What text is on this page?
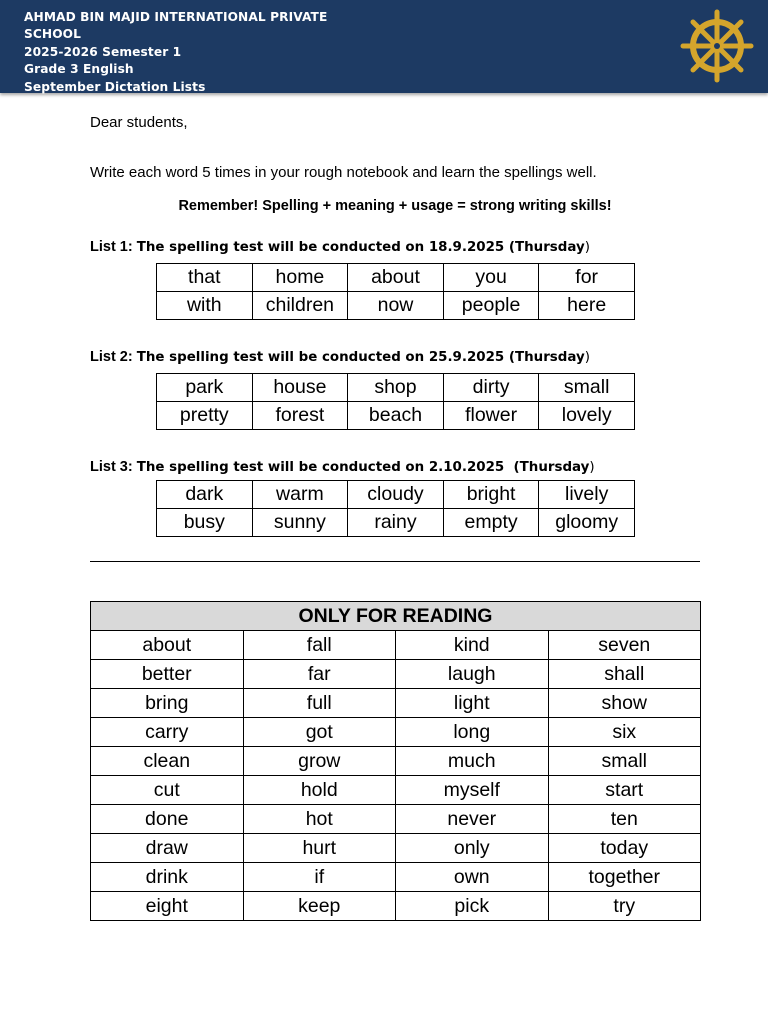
AHMAD BIN MAJID INTERNATIONAL PRIVATE
SCHOOL
2025-2026 Semester 1
Grade 3 English
September Dictation Lists
Dear students,
Write each word 5 times in your rough notebook and learn the spellings well.
Remember! Spelling + meaning + usage = strong writing skills!
List 1: The spelling test will be conducted on 18.9.2025 (Thursday)
that	home	about	you	for
with	children	now	people	here
List 2: The spelling test will be conducted on 25.9.2025 (Thursday)
park	house	shop	dirty	small
pretty	forest	beach	flower	lovely
List 3: The spelling test will be conducted on 2.10.2025  (Thursday)
dark	warm	cloudy	bright	lively
busy	sunny	rainy	empty	gloomy
ONLY FOR READING			
about	fall	kind	seven
better	far	laugh	shall
bring	full	light	show
carry	got	long	six
clean	grow	much	small
cut	hold	myself	start
done	hot	never	ten
draw	hurt	only	today
drink	if	own	together
eight	keep	pick	try
